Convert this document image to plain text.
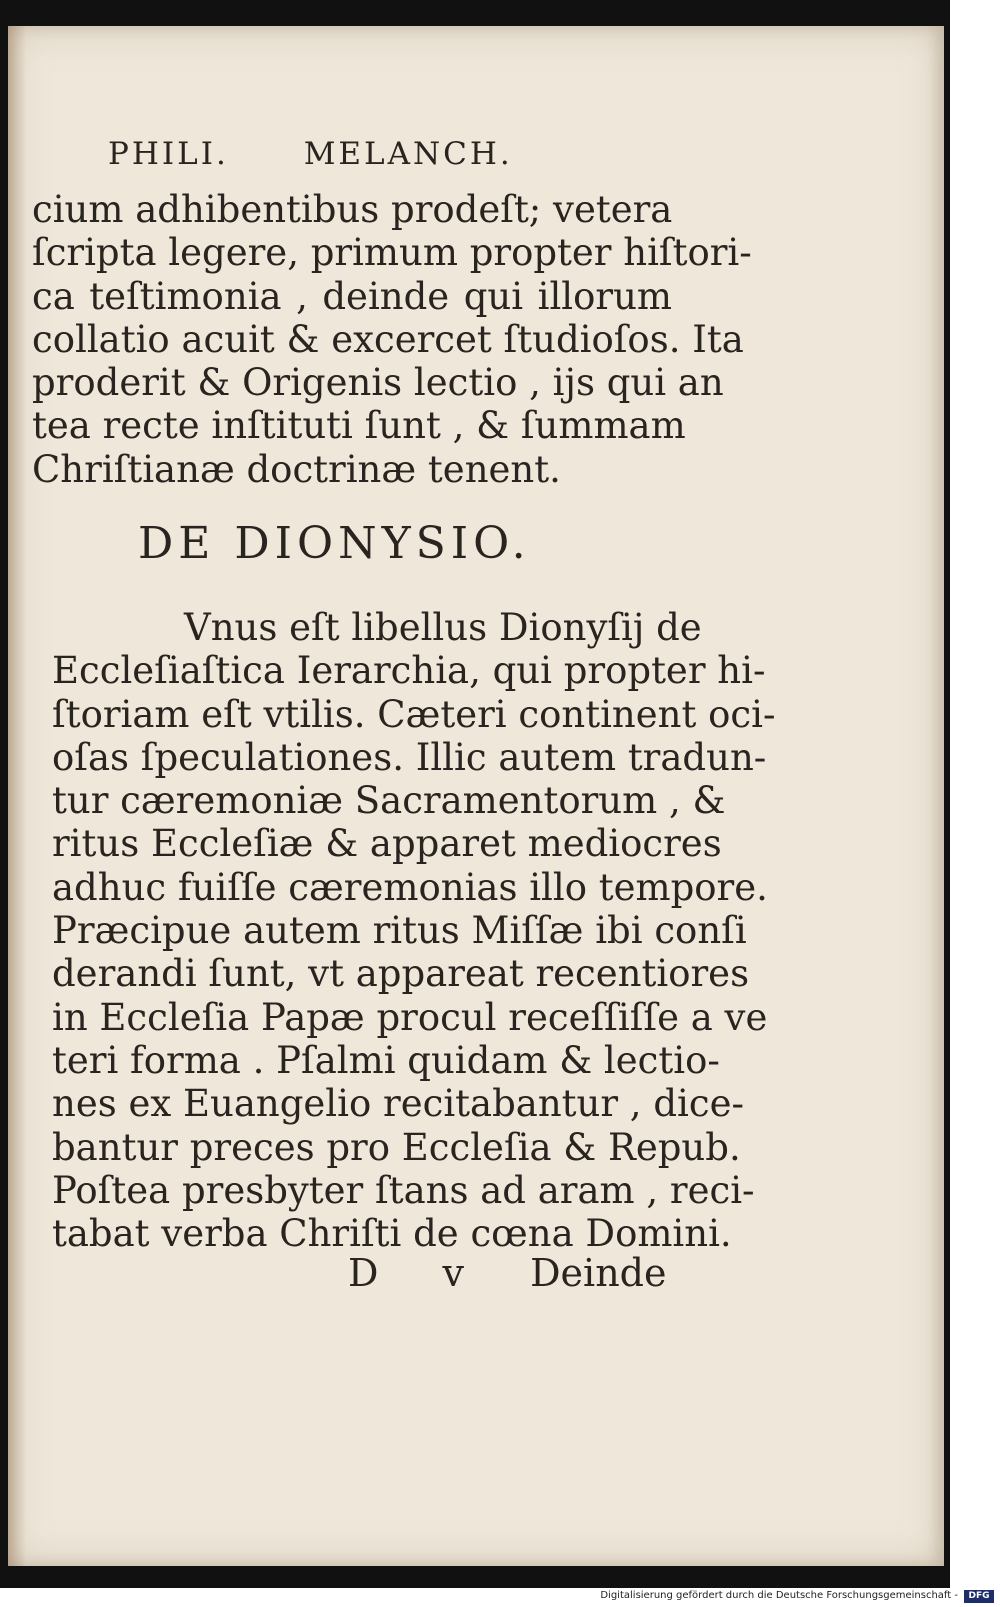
PHILI. MELANCH.
cium adhibentibus prodeſt; vetera
ſcripta legere, primum propter hiſtori-
ca teſtimonia , deinde qui illorum
collatio acuit & excercet ſtudioſos. Ita
proderit & Origenis lectio , ijs qui an
tea recte inſtituti ſunt , & ſummam
Chriſtianæ doctrinæ tenent.
DE DIONYSIO.
Vnus eſt libellus Dionyſij de
Eccleſiaſtica Ierarchia, qui propter hi-
ſtoriam eſt vtilis. Cæteri continent oci-
oſas ſpeculationes. Illic autem tradun-
tur cæremoniæ Sacramentorum , &
ritus Eccleſiæ & apparet mediocres
adhuc fuiſſe cæremonias illo tempore.
Præcipue autem ritus Miſſæ ibi conſi
derandi ſunt, vt appareat recentiores
in Eccleſia Papæ procul receſſiſſe a ve
teri forma . Pſalmi quidam & lectio-
nes ex Euangelio recitabantur , dice-
bantur preces pro Eccleſia & Repub.
Poſtea presbyter ſtans ad aram , reci-
tabat verba Chriſti de cœna Domini.
D v Deinde
Digitalisierung gefördert durch die Deutsche Forschungsgemeinschaft -	DFG
